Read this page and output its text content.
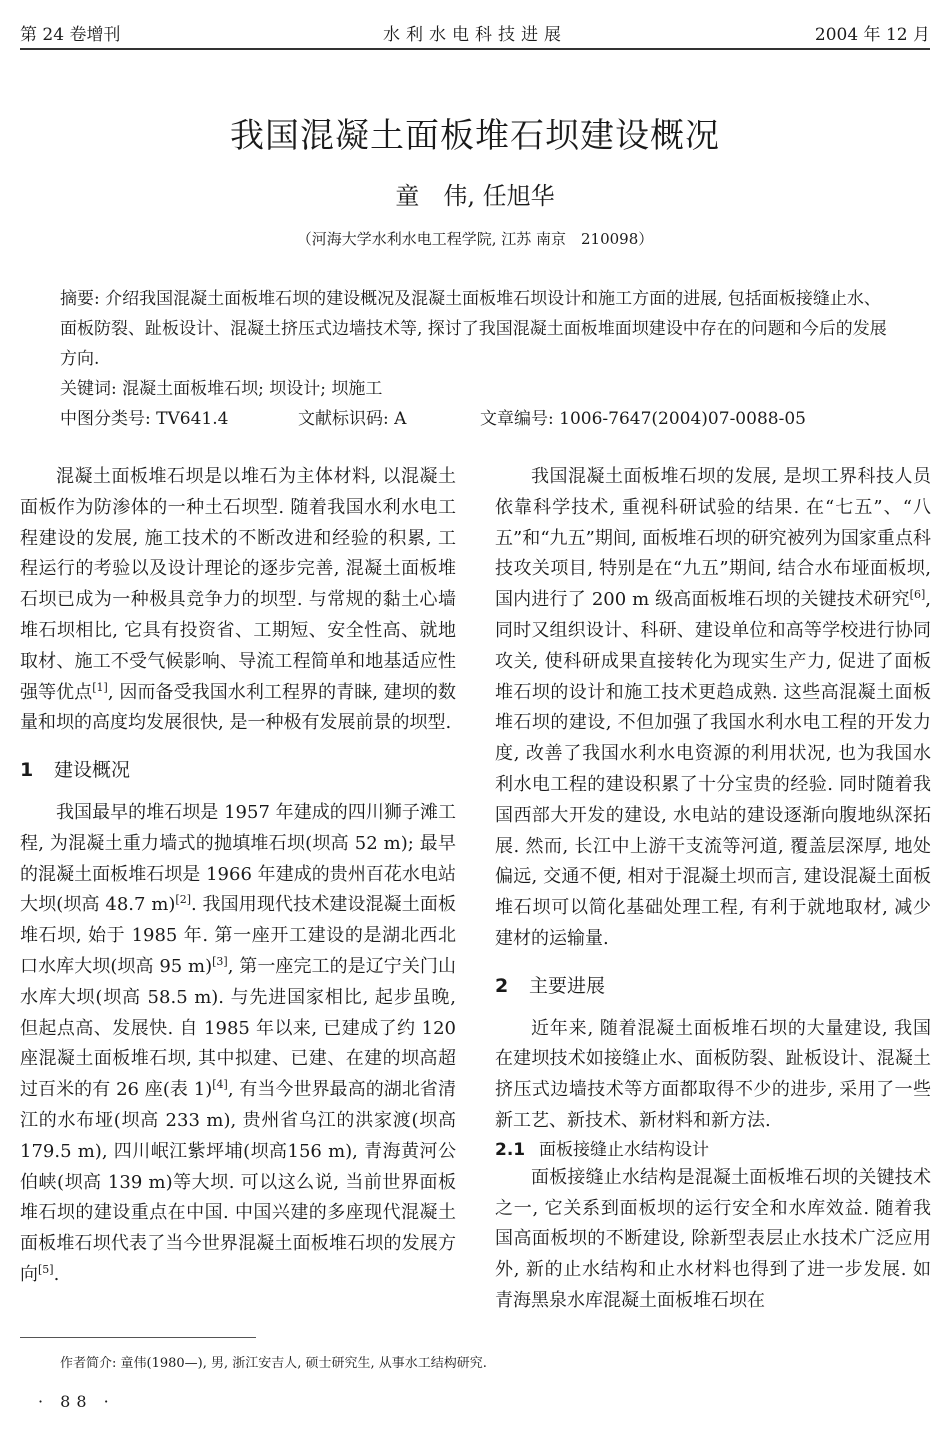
第 24 卷增刊	水利水电科技进展	2004 年 12 月
我国混凝土面板堆石坝建设概况
童　伟, 任旭华
（河海大学水利水电工程学院, 江苏 南京　210098）

摘要: 介绍我国混凝土面板堆石坝的建设概况及混凝土面板堆石坝设计和施工方面的进展, 包括面板接缝止水、面板防裂、趾板设计、混凝土挤压式边墙技术等, 探讨了我国混凝土面板堆面坝建设中存在的问题和今后的发展方向.

关键词: 混凝土面板堆石坝; 坝设计; 坝施工

中图分类号: TV641.4	文献标识码: A	文章编号: 1006-7647(2004)07-0088-05

混凝土面板堆石坝是以堆石为主体材料, 以混凝土面板作为防渗体的一种土石坝型. 随着我国水利水电工程建设的发展, 施工技术的不断改进和经验的积累, 工程运行的考验以及设计理论的逐步完善, 混凝土面板堆石坝已成为一种极具竞争力的坝型. 与常规的黏土心墙堆石坝相比, 它具有投资省、工期短、安全性高、就地取材、施工不受气候影响、导流工程简单和地基适应性强等优点[1], 因而备受我国水利工程界的青睐, 建坝的数量和坝的高度均发展很快, 是一种极有发展前景的坝型.

1 建设概况

我国最早的堆石坝是 1957 年建成的四川狮子滩工程, 为混凝土重力墙式的抛填堆石坝(坝高 52 m); 最早的混凝土面板堆石坝是 1966 年建成的贵州百花水电站大坝(坝高 48.7 m)[2]. 我国用现代技术建设混凝土面板堆石坝, 始于 1985 年. 第一座开工建设的是湖北西北口水库大坝(坝高 95 m)[3], 第一座完工的是辽宁关门山水库大坝(坝高 58.5 m). 与先进国家相比, 起步虽晚, 但起点高、发展快. 自 1985 年以来, 已建成了约 120 座混凝土面板堆石坝, 其中拟建、已建、在建的坝高超过百米的有 26 座(表 1)[4], 有当今世界最高的湖北省清江的水布垭(坝高 233 m), 贵州省乌江的洪家渡(坝高 179.5 m), 四川岷江紫坪埔(坝高156 m), 青海黄河公伯峡(坝高 139 m)等大坝. 可以这么说, 当前世界面板堆石坝的建设重点在中国. 中国兴建的多座现代混凝土面板堆石坝代表了当今世界混凝土面板堆石坝的发展方向[5].

我国混凝土面板堆石坝的发展, 是坝工界科技人员依靠科学技术, 重视科研试验的结果. 在“七五”、“八五”和“九五”期间, 面板堆石坝的研究被列为国家重点科技攻关项目, 特别是在“九五”期间, 结合水布垭面板坝, 国内进行了 200 m 级高面板堆石坝的关键技术研究[6], 同时又组织设计、科研、建设单位和高等学校进行协同攻关, 使科研成果直接转化为现实生产力, 促进了面板堆石坝的设计和施工技术更趋成熟. 这些高混凝土面板堆石坝的建设, 不但加强了我国水利水电工程的开发力度, 改善了我国水利水电资源的利用状况, 也为我国水利水电工程的建设积累了十分宝贵的经验. 同时随着我国西部大开发的建设, 水电站的建设逐渐向腹地纵深拓展. 然而, 长江中上游干支流等河道, 覆盖层深厚, 地处偏远, 交通不便, 相对于混凝土坝而言, 建设混凝土面板堆石坝可以简化基础处理工程, 有利于就地取材, 减少建材的运输量.

2 主要进展

近年来, 随着混凝土面板堆石坝的大量建设, 我国在建坝技术如接缝止水、面板防裂、趾板设计、混凝土挤压式边墙技术等方面都取得不少的进步, 采用了一些新工艺、新技术、新材料和新方法.

2.1 面板接缝止水结构设计

面板接缝止水结构是混凝土面板堆石坝的关键技术之一, 它关系到面板坝的运行安全和水库效益. 随着我国高面板坝的不断建设, 除新型表层止水技术广泛应用外, 新的止水结构和止水材料也得到了进一步发展. 如青海黑泉水库混凝土面板堆石坝在

作者简介: 童伟(1980—), 男, 浙江安吉人, 硕士研究生, 从事水工结构研究.
· 88 ·
